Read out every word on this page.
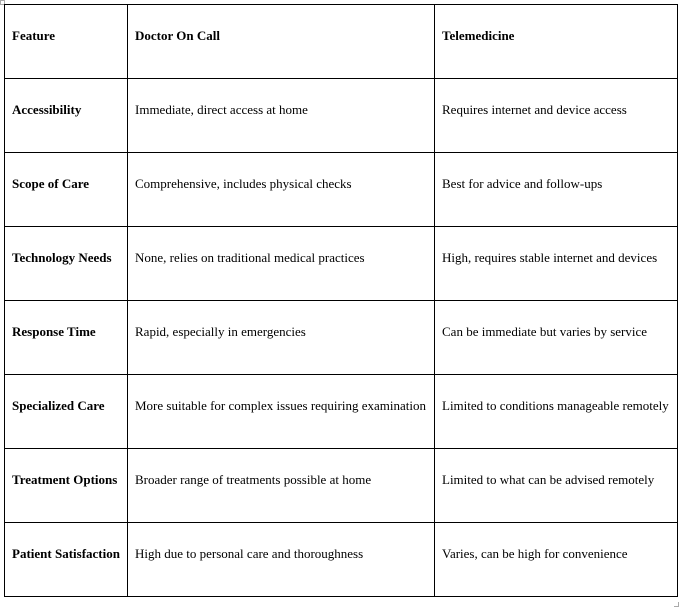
Feature	Doctor On Call	Telemedicine
Accessibility	Immediate, direct access at home	Requires internet and device access
Scope of Care	Comprehensive, includes physical checks	Best for advice and follow-ups
Technology Needs	None, relies on traditional medical practices	High, requires stable internet and devices
Response Time	Rapid, especially in emergencies	Can be immediate but varies by service
Specialized Care	More suitable for complex issues requiring examination	Limited to conditions manageable remotely
Treatment Options	Broader range of treatments possible at home	Limited to what can be advised remotely
Patient Satisfaction	High due to personal care and thoroughness	Varies, can be high for convenience
